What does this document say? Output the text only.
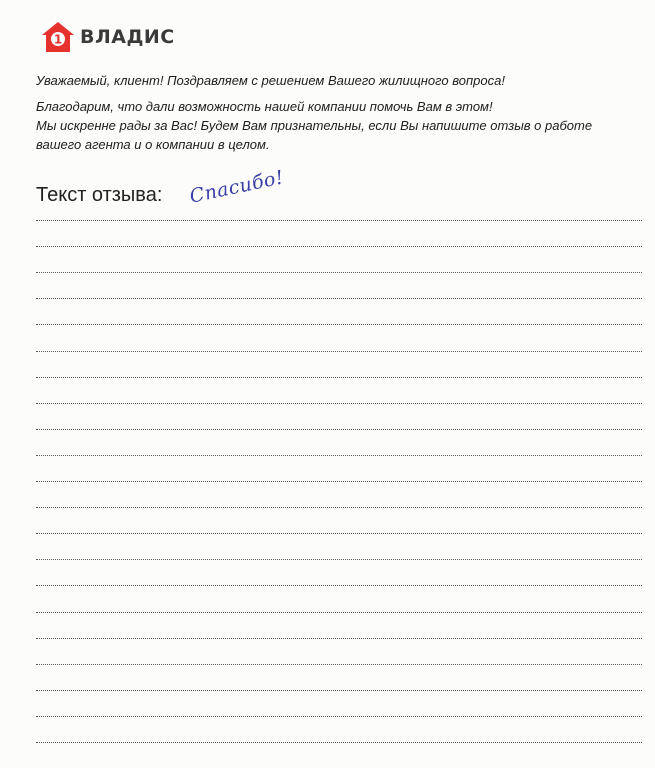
1 ВЛАДИС
Уважаемый, клиент! Поздравляем с решением Вашего жилищного вопроса!
Благодарим, что дали возможность нашей компании помочь Вам в этом!
Мы искренне рады за Вас! Будем Вам признательны, если Вы напишите отзыв о работе
вашего агента и о компании в целом.
Текст отзыва: Спасибо!
